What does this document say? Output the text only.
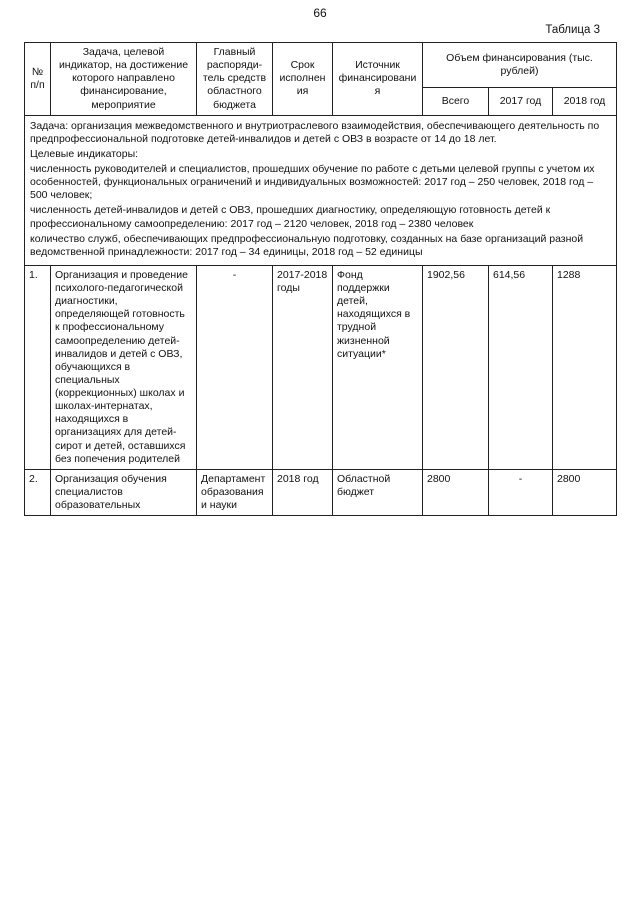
66
Таблица 3
№ п/п	Задача, целевой индикатор, на достижение которого направлено финансирование, мероприятие	Главный распоряди-тель средств областного бюджета	Срок исполнения	Источник финансирования	Объем финансирования (тыс. рублей)		
					Всего	2017 год	2018 год

Задача: организация межведомственного и внутриотраслевого взаимодействия, обеспечивающего деятельность по предпрофессиональной подготовке детей-инвалидов и детей с ОВЗ в возрасте от 14 до 18 лет.

Целевые индикаторы:

численность руководителей и специалистов, прошедших обучение по работе с детьми целевой группы с учетом их особенностей, функциональных ограничений и индивидуальных возможностей: 2017 год – 250 человек, 2018 год – 500 человек;

численность детей-инвалидов и детей с ОВЗ, прошедших диагностику, определяющую готовность детей к профессиональному самоопределению: 2017 год – 2120 человек, 2018 год – 2380 человек

количество служб, обеспечивающих предпрофессиональную подготовку, созданных на базе организаций разной ведомственной принадлежности: 2017 год – 34 единицы, 2018 год – 52 единицы							

1.	Организация и проведение психолого-педагогической диагностики, определяющей готовность к профессиональному самоопределению детей-инвалидов и детей с ОВЗ, обучающихся в специальных (коррекционных) школах и школах-интернатах, находящихся в организациях для детей-сирот и детей, оставшихся без попечения родителей	-	2017-2018 годы	Фонд поддержки детей, находящихся в трудной жизненной ситуации*	1902,56	614,56	1288
2.	Организация обучения специалистов образовательных	Департамент образования и науки	2018 год	Областной бюджет	2800	-	2800
